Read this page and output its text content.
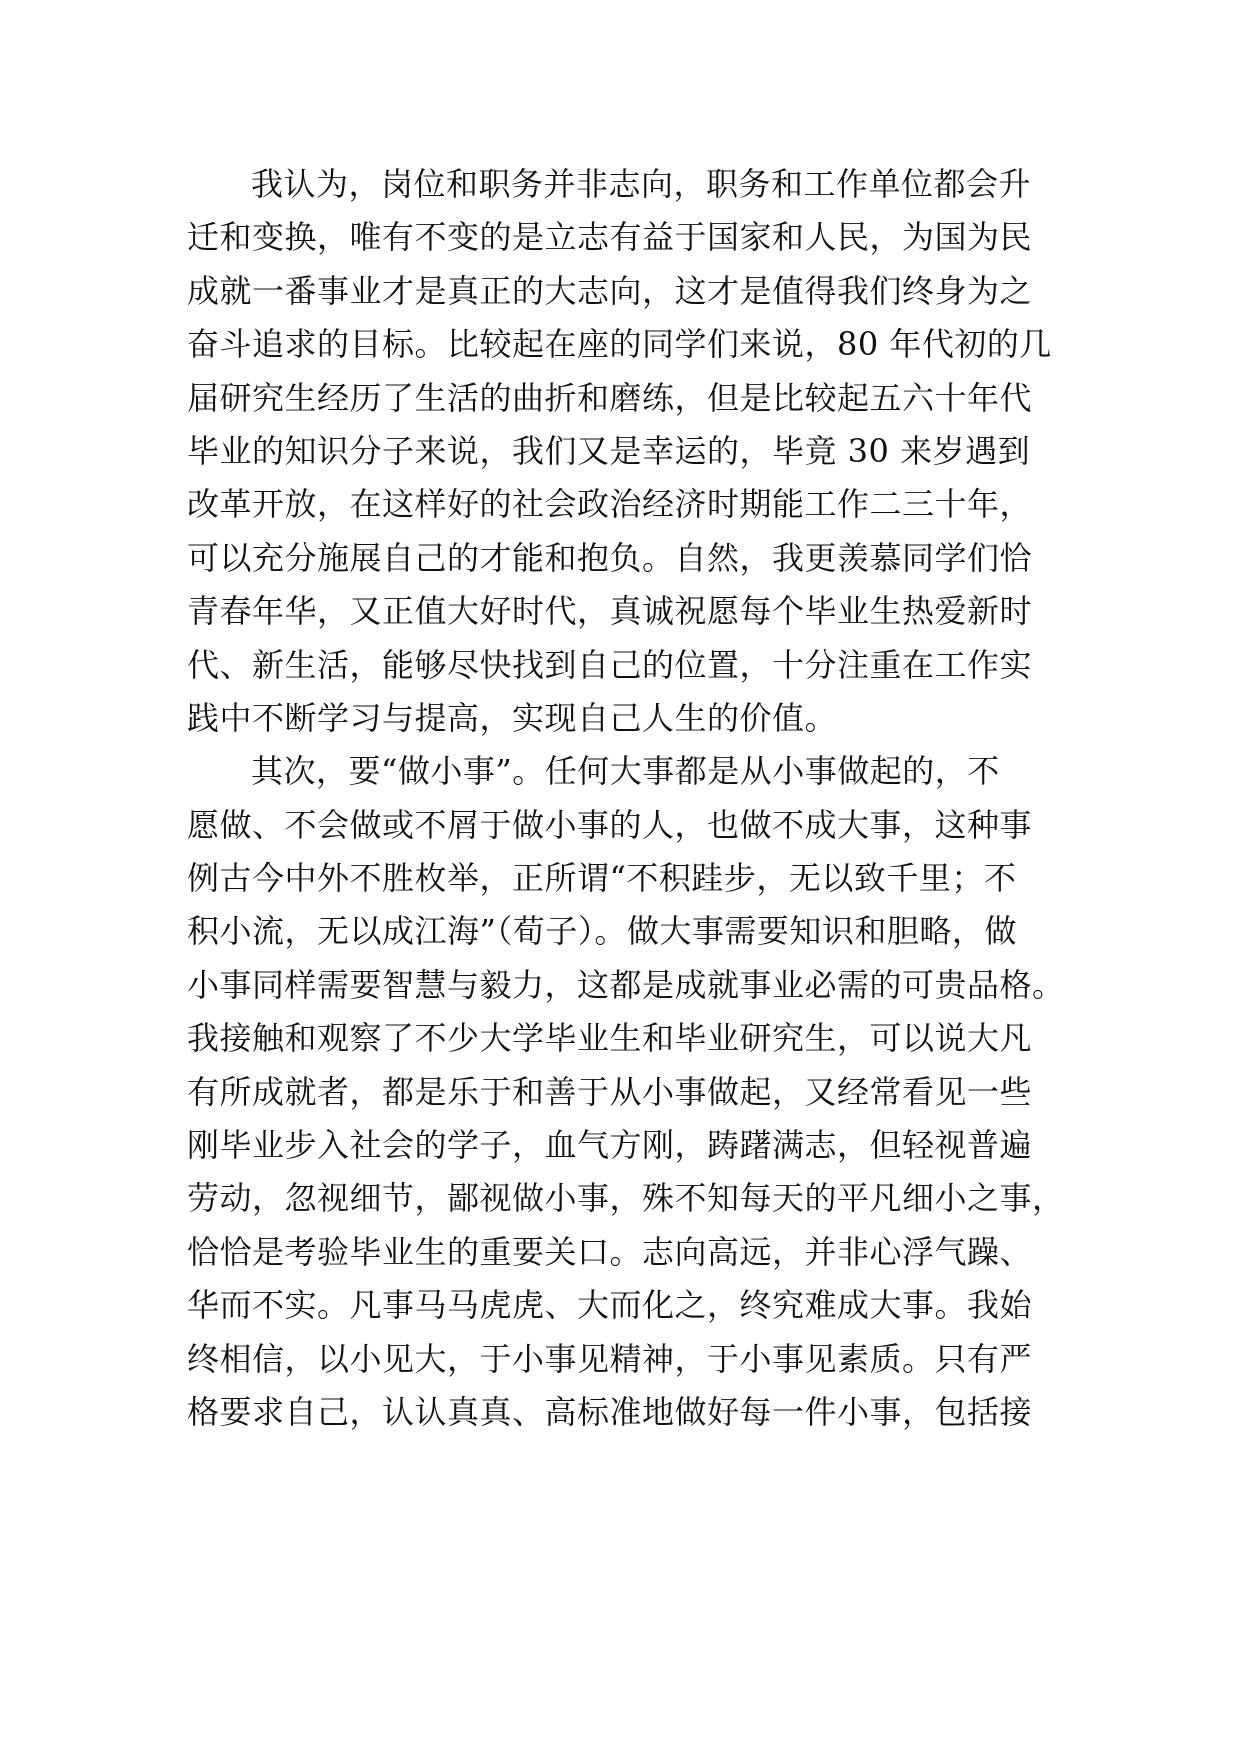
我认为，岗位和职务并非志向，职务和工作单位都会升
迁和变换，唯有不变的是立志有益于国家和人民，为国为民
成就一番事业才是真正的大志向，这才是值得我们终身为之
奋斗追求的目标。比较起在座的同学们来说，80 年代初的几
届研究生经历了生活的曲折和磨练，但是比较起五六十年代
毕业的知识分子来说，我们又是幸运的，毕竟 30 来岁遇到
改革开放，在这样好的社会政治经济时期能工作二三十年，
可以充分施展自己的才能和抱负。自然，我更羡慕同学们恰
青春年华，又正值大好时代，真诚祝愿每个毕业生热爱新时
代、新生活，能够尽快找到自己的位置，十分注重在工作实
践中不断学习与提高，实现自己人生的价值。
其次，要“做小事”。任何大事都是从小事做起的，不
愿做、不会做或不屑于做小事的人，也做不成大事，这种事
例古今中外不胜枚举，正所谓“不积跬步，无以致千里；不
积小流，无以成江海”（荀子）。做大事需要知识和胆略，做
小事同样需要智慧与毅力，这都是成就事业必需的可贵品格。
我接触和观察了不少大学毕业生和毕业研究生，可以说大凡
有所成就者，都是乐于和善于从小事做起，又经常看见一些
刚毕业步入社会的学子，血气方刚，踌躇满志，但轻视普遍
劳动，忽视细节，鄙视做小事，殊不知每天的平凡细小之事，
恰恰是考验毕业生的重要关口。志向高远，并非心浮气躁、
华而不实。凡事马马虎虎、大而化之，终究难成大事。我始
终相信，以小见大，于小事见精神，于小事见素质。只有严
格要求自己，认认真真、高标准地做好每一件小事，包括接
